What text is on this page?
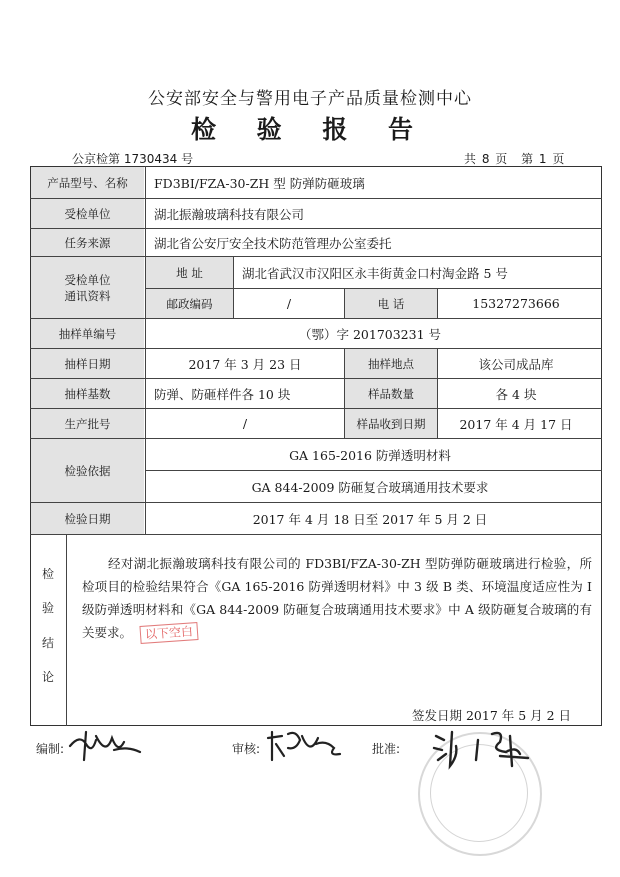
公安部安全与警用电子产品质量检测中心
检 验 报 告
公京检第 1730434 号	共 8 页 第 1 页
产品型号、名称	FD3BI/FZA-30-ZH 型 防弹防砸玻璃
受检单位	湖北振瀚玻璃科技有限公司
任务来源	湖北省公安厅安全技术防范管理办公室委托
受检单位
通讯资料
地 址	湖北省武汉市汉阳区永丰街黄金口村淘金路 5 号
邮政编码	/	电 话	15327273666
抽样单编号	（鄂）字 201703231 号
抽样日期	2017 年 3 月 23 日	抽样地点	该公司成品库
抽样基数	防弹、防砸样件各 10 块	样品数量	各 4 块
生产批号	/	样品收到日期	2017 年 4 月 17 日
检验依据
GA 165-2016 防弹透明材料
GA 844-2009 防砸复合玻璃通用技术要求
检验日期	2017 年 4 月 18 日至 2017 年 5 月 2 日
检
验
结
论
经对湖北振瀚玻璃科技有限公司的 FD3BI/FZA-30-ZH 型防弹防砸玻璃进行检验，所检项目的检验结果符合《GA 165-2016 防弹透明材料》中 3 级 B 类、环境温度适应性为 I 级防弹透明材料和《GA 844-2009 防砸复合玻璃通用技术要求》中 A 级防砸复合玻璃的有关要求。 以下空白
签发日期 2017 年 5 月 2 日
编制:	审核:	批准:
